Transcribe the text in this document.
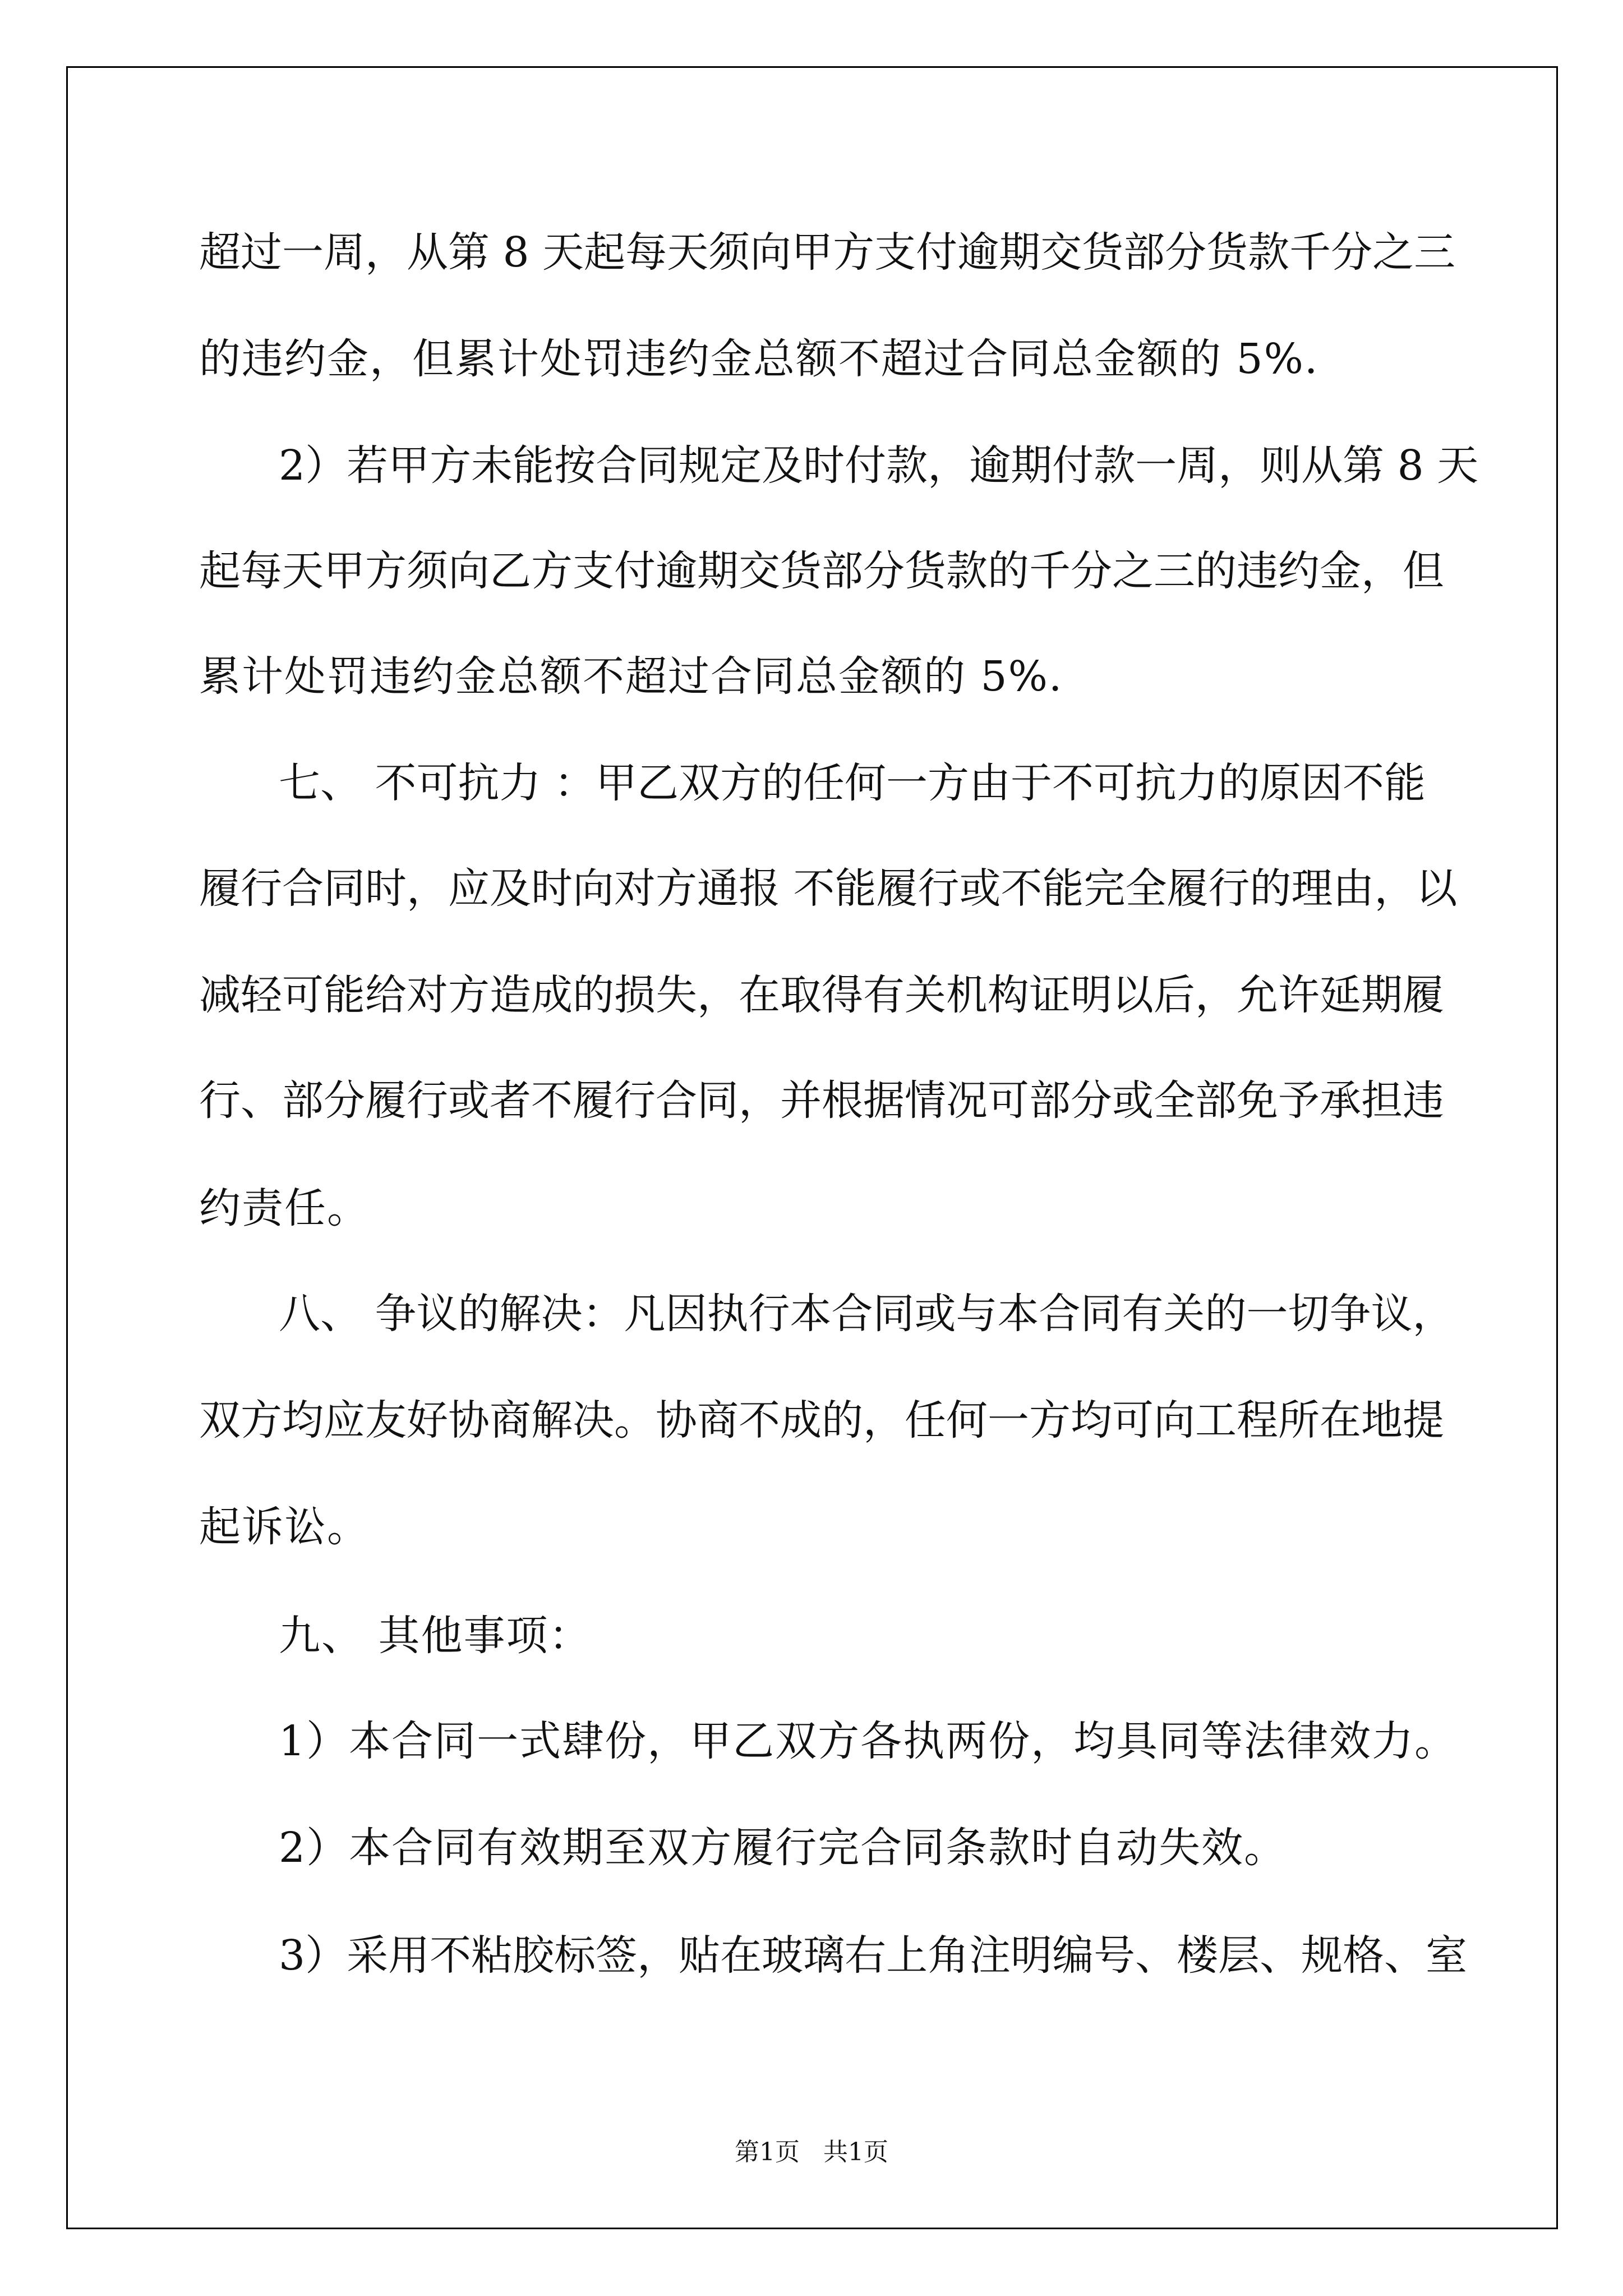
超过一周，从第 8 天起每天须向甲方支付逾期交货部分货款千分之三
的违约金，但累计处罚违约金总额不超过合同总金额的 5%.
2）若甲方未能按合同规定及时付款，逾期付款一周，则从第 8 天
起每天甲方须向乙方支付逾期交货部分货款的千分之三的违约金，但
累计处罚违约金总额不超过合同总金额的 5%.
七、 不可抗力 ：甲乙双方的任何一方由于不可抗力的原因不能
履行合同时，应及时向对方通报 不能履行或不能完全履行的理由，以
减轻可能给对方造成的损失，在取得有关机构证明以后，允许延期履
行、部分履行或者不履行合同，并根据情况可部分或全部免予承担违
约责任。
八、 争议的解决：凡因执行本合同或与本合同有关的一切争议，
双方均应友好协商解决。协商不成的，任何一方均可向工程所在地提
起诉讼。
九、 其他事项：
1）本合同一式肆份，甲乙双方各执两份，均具同等法律效力。
2）本合同有效期至双方履行完合同条款时自动失效。
3）采用不粘胶标签，贴在玻璃右上角注明编号、楼层、规格、室
第1页 共1页
